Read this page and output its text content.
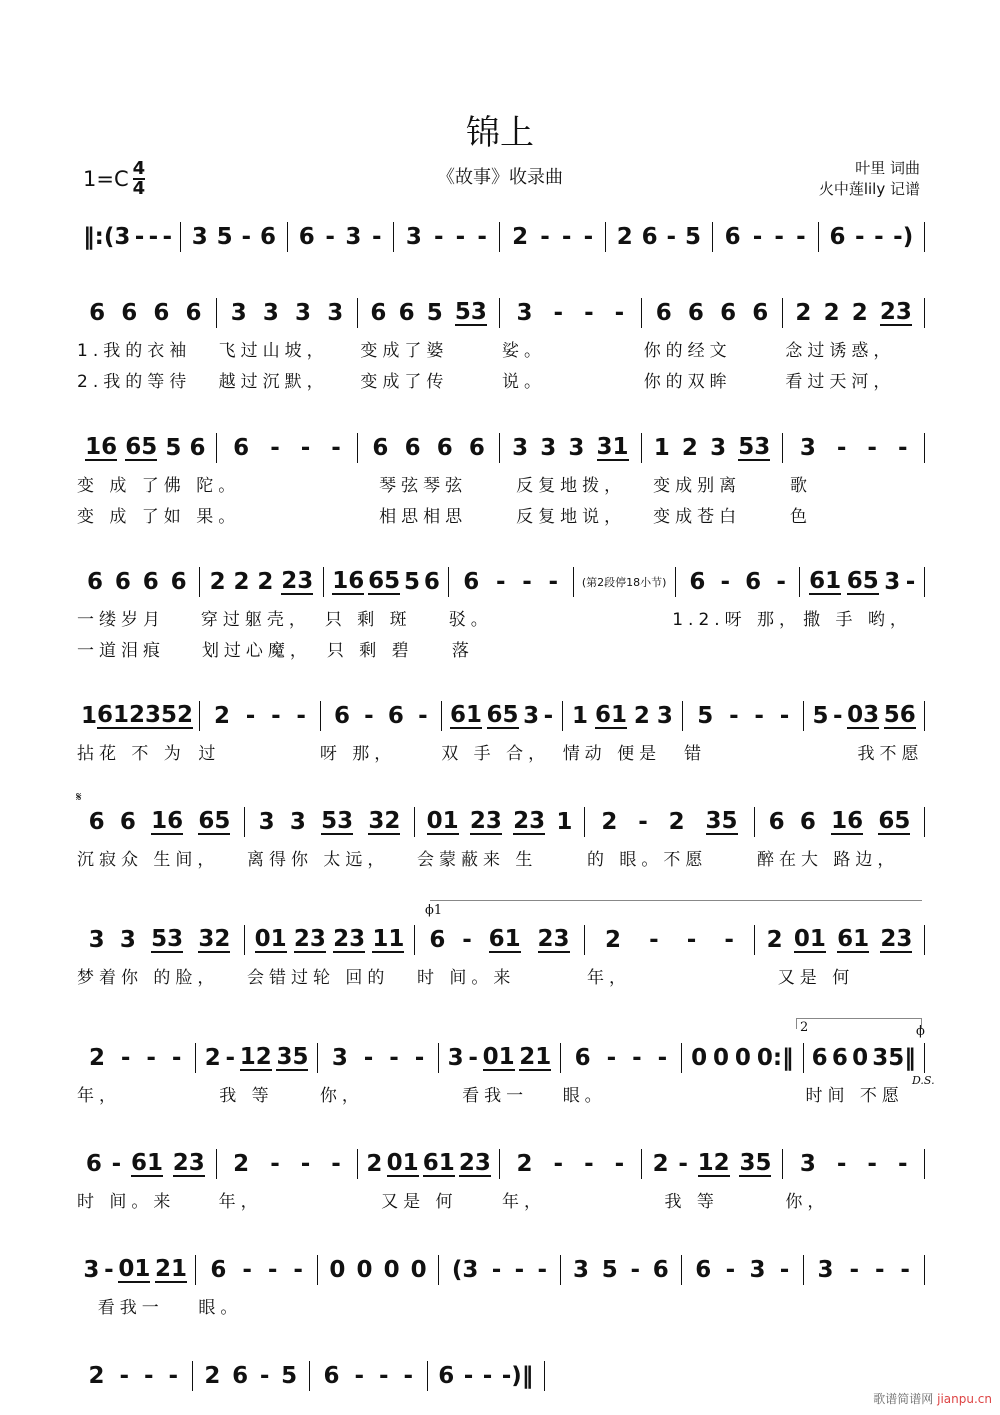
锦上
$1=C \frac{4}{4}$	《故事》收录曲	叶里 词曲
火中莲lily 记谱
‖:(3 - - - 3 5 - 6 6 - 3 - 3 - - - 2 - - - 2 6 - 5 6 - - - 6 - - -)
6 6 6 6 3 3 3 3 6 6 5 53 3 - - - 6 6 6 6 2 2 2 23
1.我的衣袖	飞过山坡，	变成了婆	娑。	你的经文	念过诱惑，
2.我的等待	越过沉默，	变成了传	说。	你的双眸	看过天河，
16 65 5 6 6 - - - 6 6 6 6 3 3 3 31 1 2 3 53 3 - - -
变 成 了佛 陀。	琴弦琴弦	反复地拨，	变成别离	歌
变 成 了如 果。	相思相思	反复地说，	变成苍白	色
6 6 6 6 2 2 2 23 16 65 5 6 6 - - -	(第2段停18小节) 6 - 6 - 61 65 3 -
一缕岁月	穿过躯壳， 只 剩 斑	驳。	1.2.呀 那， 撒 手 哟，
一道泪痕	划过心魔， 只 剩 碧	落
1 61 23 52 2 - - - 6 - 6 - 61 65 3 - 1 61 2 3 5 - - - 5 - 03 56
拈花 不 为 过	呀 那，	双 手 合， 情动 便是	错	我不愿
6 6 16 65 3 3 53 32 01 23 23 1 2 - 2 35 6 6 16 65
沉寂众 生间，	离得你 太远，	会蒙蔽来 生	的 眼。不愿	醉在大 路边，
3 3 53 32 01 23 23 11 6 - 61 23 2 - - - 2 01 61 23
梦着你 的脸，	会错过轮 回的	时 间。来	年，	又是 何
2 - - - 2 - 12 35 3 - - - 3 - 01 21 6 - - - 0 0 0 0:‖ 6 6 0 35‖
年，	我 等	你，	看我一	眼。	时间 不愿
6 - 61 23 2 - - - 2 01 61 23 2 - - - 2 - 12 35 3 - - -
时 间。来	年，	又是 何	年，	我 等	你，
3 - 01 21 6 - - - 0 0 0 0 (3 - - - 3 5 - 6 6 - 3 - 3 - - -
看我一	眼。
2 - - - 2 6 - 5 6 - - - 6 - - -)‖
𝄋
ϕ1
2	ϕ
D.S.
歌谱简谱网 jianpu.cn
